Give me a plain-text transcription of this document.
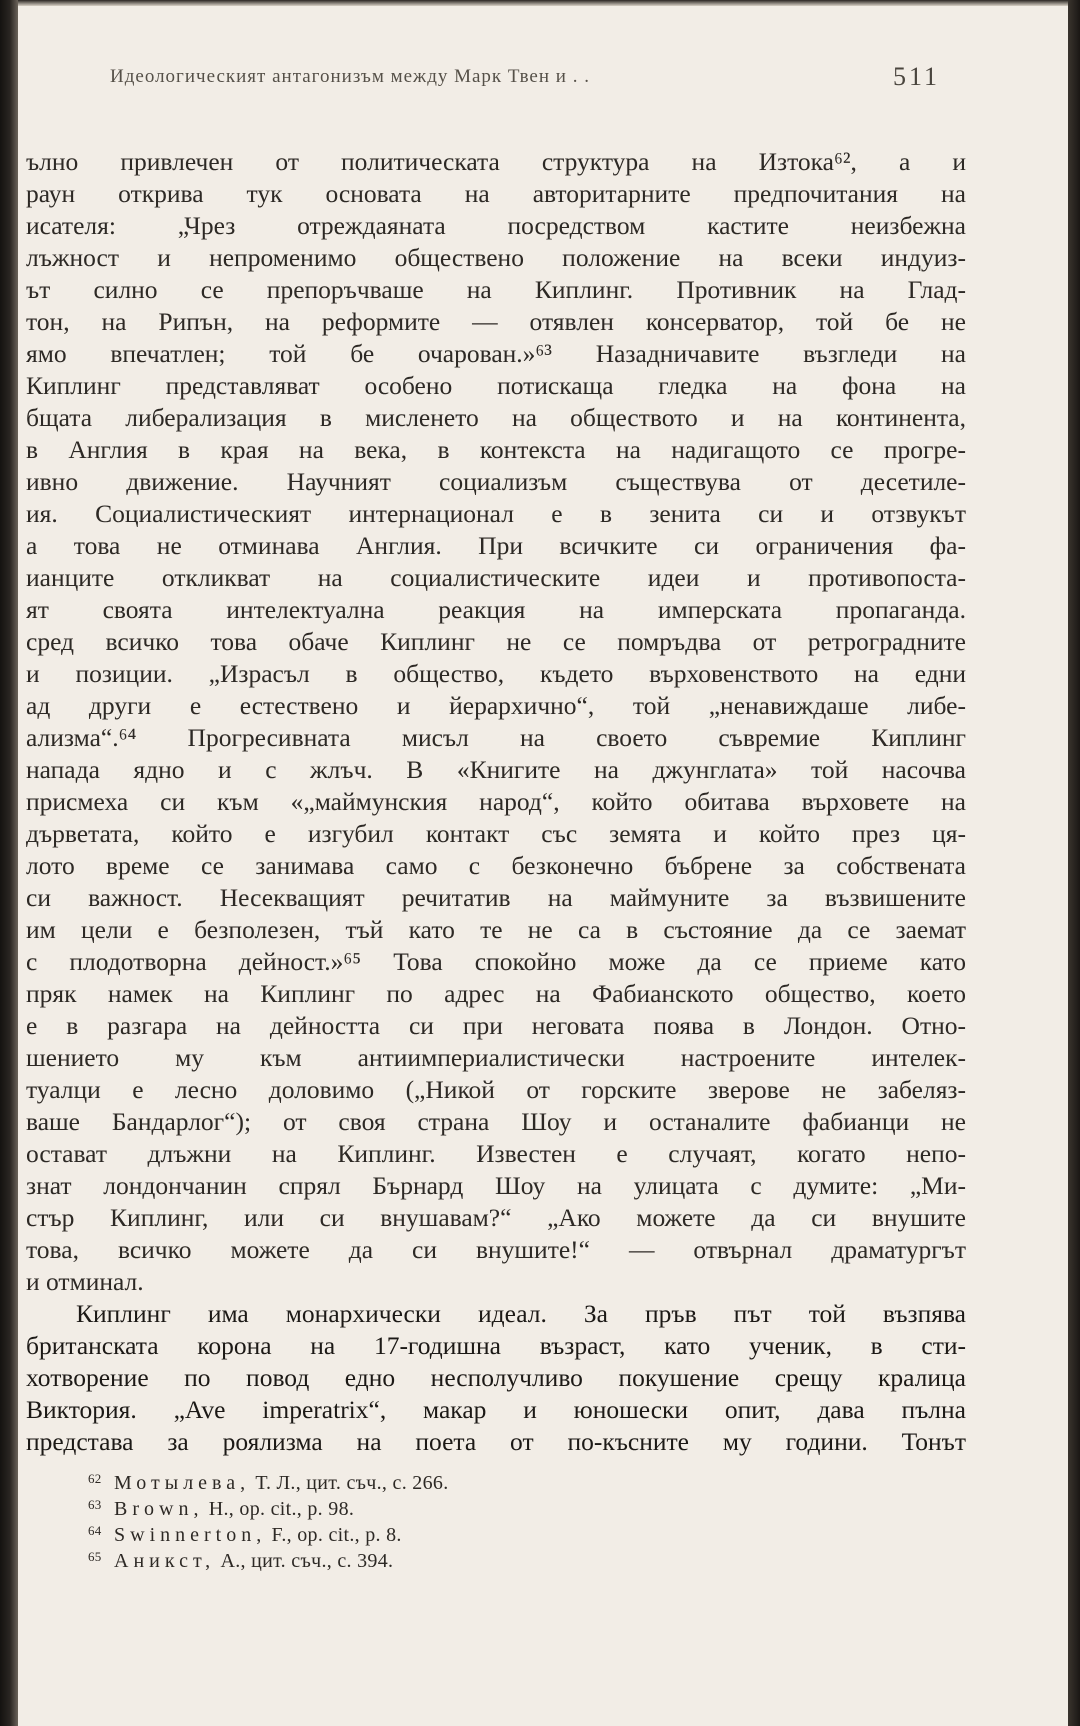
Идеологическият антагонизъм между Марк Твен и . .	511
ълно привлечен от политическата структура на Изтока⁶², а и
раун открива тук основата на авторитарните предпочитания на
исателя: „Чрез отреждаяната посредством кастите неизбежна
лъжност и непроменимо обществено положение на всеки индуиз-
ът силно се препоръчваше на Киплинг. Противник на Глад-
тон, на Рипън, на реформите — отявлен консерватор, той бе не
ямо впечатлен; той бе очарован.»⁶³ Назадничавите възгледи на
Киплинг представляват особено потискаща гледка на фона на
бщата либерализация в мисленето на обществото и на континента,
в Англия в края на века, в контекста на надигащото се прогре-
ивно движение. Научният социализъм съществува от десетиле-
ия. Социалистическият интернационал е в зенита си и отзвукът
а това не отминава Англия. При всичките си ограничения фа-
ианците откликват на социалистическите идеи и противопоста-
ят своята интелектуална реакция на имперската пропаганда.
сред всичко това обаче Киплинг не се помръдва от ретроградните
и позиции. „Израсъл в общество, където върховенството на едни
ад други е естествено и йерархично“, той „ненавиждаше либе-
ализма“.⁶⁴ Прогресивната мисъл на своето съвремие Киплинг
напада ядно и с жлъч. В «Книгите на джунглата» той насочва
присмеха си към «„маймунския народ“, който обитава върховете на
дърветата, който е изгубил контакт със земята и който през ця-
лото време се занимава само с безконечно бъбрене за собствената
си важност. Несекващият речитатив на маймуните за възвишените
им цели е безполезен, тъй като те не са в състояние да се заемат
с плодотворна дейност.»⁶⁵ Това спокойно може да се приеме като
пряк намек на Киплинг по адрес на Фабианското общество, което
е в разгара на дейността си при неговата поява в Лондон. Отно-
шението му към антиимпериалистически настроените интелек-
туалци е лесно доловимо („Никой от горските зверове не забеляз-
ваше Бандарлог“); от своя страна Шоу и останалите фабианци не
остават длъжни на Киплинг. Известен е случаят, когато непо-
знат лондончанин спрял Бърнард Шоу на улицата с думите: „Ми-
стър Киплинг, или си внушавам?“ „Ако можете да си внушите
това, всичко можете да си внушите!“ — отвърнал драматургът
и отминал.
Киплинг има монархически идеал. За пръв път той възпява
британската корона на 17-годишна възраст, като ученик, в сти-
хотворение по повод едно несполучливо покушение срещу кралица
Виктория. „Ave imperatrix“, макар и юношески опит, дава пълна
представа за роялизма на поета от по-късните му години. Тонът
62 Мотылева, Т. Л., цит. съч., с. 266.
63 Brown, H., op. cit., p. 98.
64 Swinnerton, F., op. cit., p. 8.
65 Аникст, А., цит. съч., с. 394.
